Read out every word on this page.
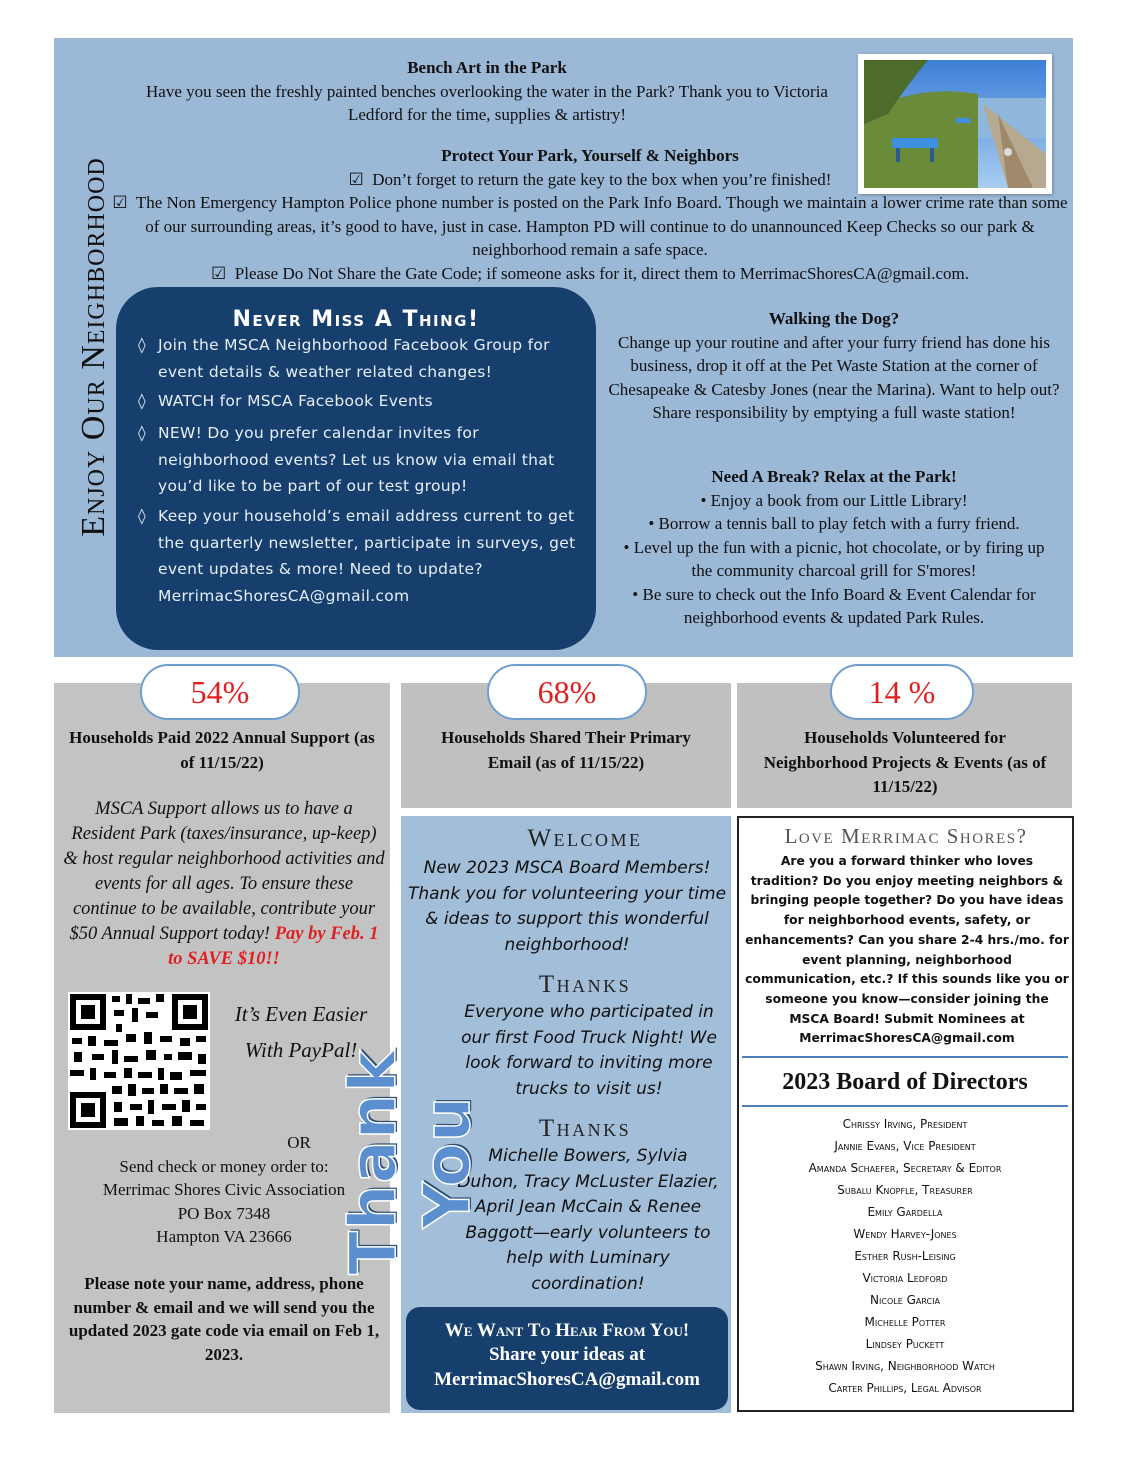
Enjoy Our Neighborhood
Bench Art in the Park
Have you seen the freshly painted benches overlooking the water in the Park? Thank you to Victoria Ledford for the time, supplies & artistry!
Protect Your Park, Yourself & Neighbors
☑ Don’t forget to return the gate key to the box when you’re finished!
☑ The Non Emergency Hampton Police phone number is posted on the Park Info Board. Though we maintain a lower crime rate than some of our surrounding areas, it’s good to have, just in case. Hampton PD will continue to do unannounced Keep Checks so our park & neighborhood remain a safe space.
☑ Please Do Not Share the Gate Code; if someone asks for it, direct them to MerrimacShoresCA@gmail.com.
Never Miss A Thing!
◊ Join the MSCA Neighborhood Facebook Group for event details & weather related changes!
◊ WATCH for MSCA Facebook Events
◊ NEW! Do you prefer calendar invites for neighborhood events? Let us know via email that you’d like to be part of our test group!
◊ Keep your household’s email address current to get the quarterly newsletter, participate in surveys, get event updates & more! Need to update? MerrimacShoresCA@gmail.com
Walking the Dog?
Change up your routine and after your furry friend has done his business, drop it off at the Pet Waste Station at the corner of Chesapeake & Catesby Jones (near the Marina). Want to help out? Share responsibility by emptying a full waste station!
Need A Break? Relax at the Park!
• Enjoy a book from our Little Library!
• Borrow a tennis ball to play fetch with a furry friend.
• Level up the fun with a picnic, hot chocolate, or by firing up the community charcoal grill for S'mores!
• Be sure to check out the Info Board & Event Calendar for neighborhood events & updated Park Rules.
54%	68%	14 %
Households Paid 2022 Annual Support (as of 11/15/22)
Households Shared Their Primary Email (as of 11/15/22)
Households Volunteered for Neighborhood Projects & Events (as of 11/15/22)
MSCA Support allows us to have a Resident Park (taxes/insurance, up-keep) & host regular neighborhood activities and events for all ages. To ensure these continue to be available, contribute your $50 Annual Support today! Pay by Feb. 1 to SAVE $10!!
It’s Even Easier With PayPal!
OR
Send check or money order to:
Merrimac Shores Civic Association
PO Box 7348
Hampton VA 23666
Please note your name, address, phone number & email and we will send you the updated 2023 gate code via email on Feb 1, 2023.
Welcome
New 2023 MSCA Board Members! Thank you for volunteering your time & ideas to support this wonderful neighborhood!
Thanks
Everyone who participated in our first Food Truck Night! We look forward to inviting more trucks to visit us!
Thanks
Michelle Bowers, Sylvia Duhon, Tracy McLuster Elazier, April Jean McCain & Renee Baggott—early volunteers to help with Luminary coordination!
Thank You
We Want To Hear From You!
Share your ideas at
MerrimacShoresCA@gmail.com
Love Merrimac Shores?
Are you a forward thinker who loves tradition? Do you enjoy meeting neighbors & bringing people together? Do you have ideas for neighborhood events, safety, or enhancements? Can you share 2-4 hrs./mo. for event planning, neighborhood communication, etc.? If this sounds like you or someone you know—consider joining the MSCA Board! Submit Nominees at MerrimacShoresCA@gmail.com
2023 Board of Directors
Chrissy Irving, President
Jannie Evans, Vice President
Amanda Schaefer, Secretary & Editor
Subalu Knopfle, Treasurer
Emily Gardella
Wendy Harvey-Jones
Esther Rush-Leising
Victoria Ledford
Nicole Garcia
Michelle Potter
Lindsey Puckett
Shawn Irving, Neighborhood Watch
Carter Phillips, Legal Advisor
